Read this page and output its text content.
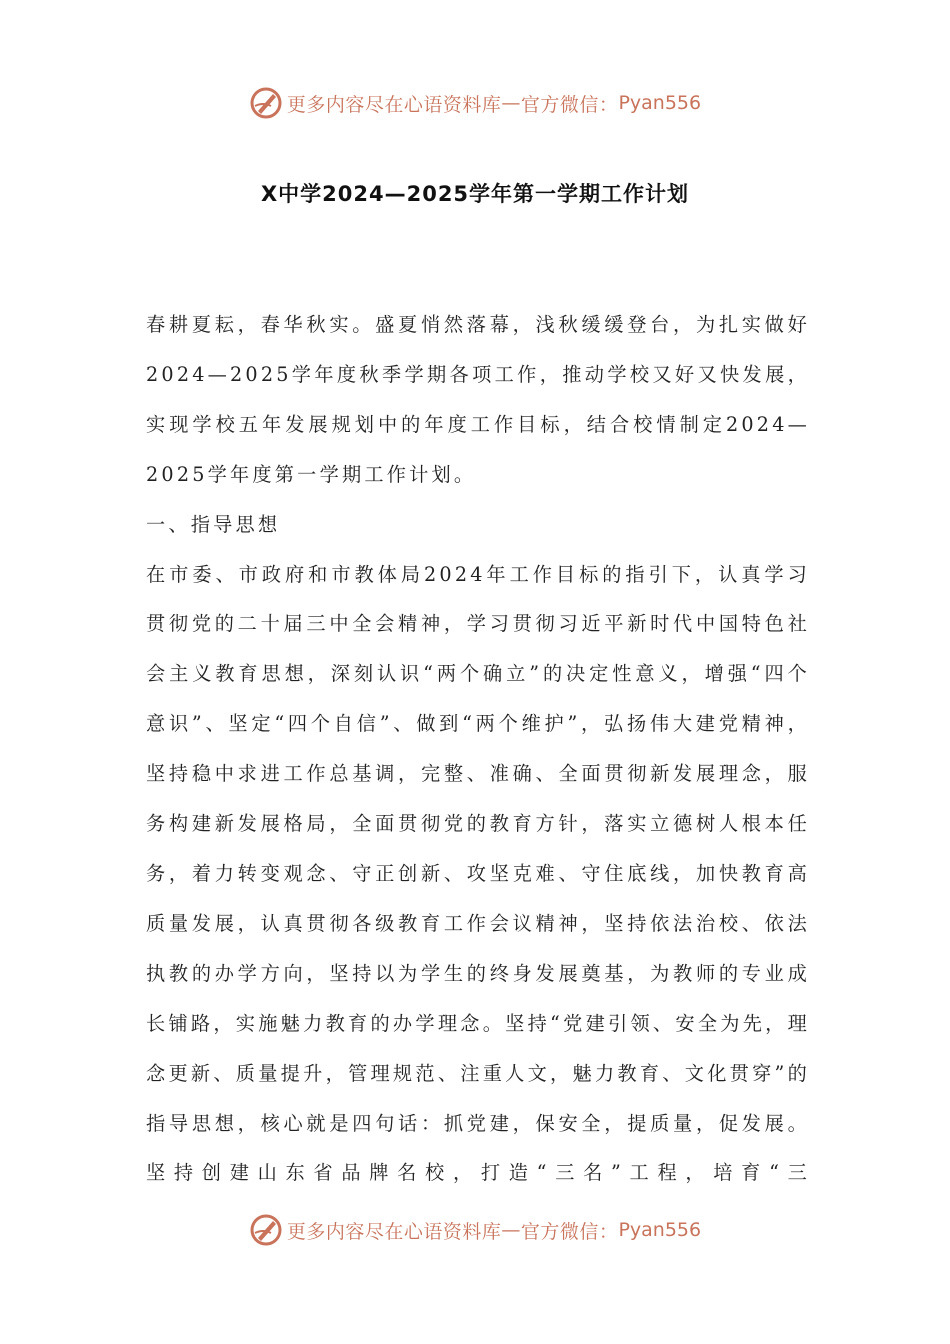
更多内容尽在心语资料库 — 官方微信： Pyan556
X中学2024—2025学年第一学期工作计划

春耕夏耘，春华秋实。盛夏悄然落幕，浅秋缓缓登台，为扎实做好2024—2025学年度秋季学期各项工作，推动学校又好又快发展，实现学校五年发展规划中的年度工作目标，结合校情制定2024—2025学年度第一学期工作计划。

一、指导思想

在市委、市政府和市教体局2024年工作目标的指引下，认真学习贯彻党的二十届三中全会精神，学习贯彻习近平新时代中国特色社会主义教育思想，深刻认识“两个确立”的决定性意义，增强“四个意识”、坚定“四个自信”、做到“两个维护”，弘扬伟大建党精神，坚持稳中求进工作总基调，完整、准确、全面贯彻新发展理念，服务构建新发展格局，全面贯彻党的教育方针，落实立德树人根本任务，着力转变观念、守正创新、攻坚克难、守住底线，加快教育高质量发展，认真贯彻各级教育工作会议精神，坚持依法治校、依法执教的办学方向，坚持以为学生的终身发展奠基，为教师的专业成长铺路，实施魅力教育的办学理念。坚持“党建引领、安全为先，理念更新、质量提升，管理规范、注重人文，魅力教育、文化贯穿”的指导思想，核心就是四句话：抓党建，保安全，提质量，促发展。坚持创建山东省品牌名校，打造“三名”工程，培育“三

更多内容尽在心语资料库 — 官方微信： Pyan556
